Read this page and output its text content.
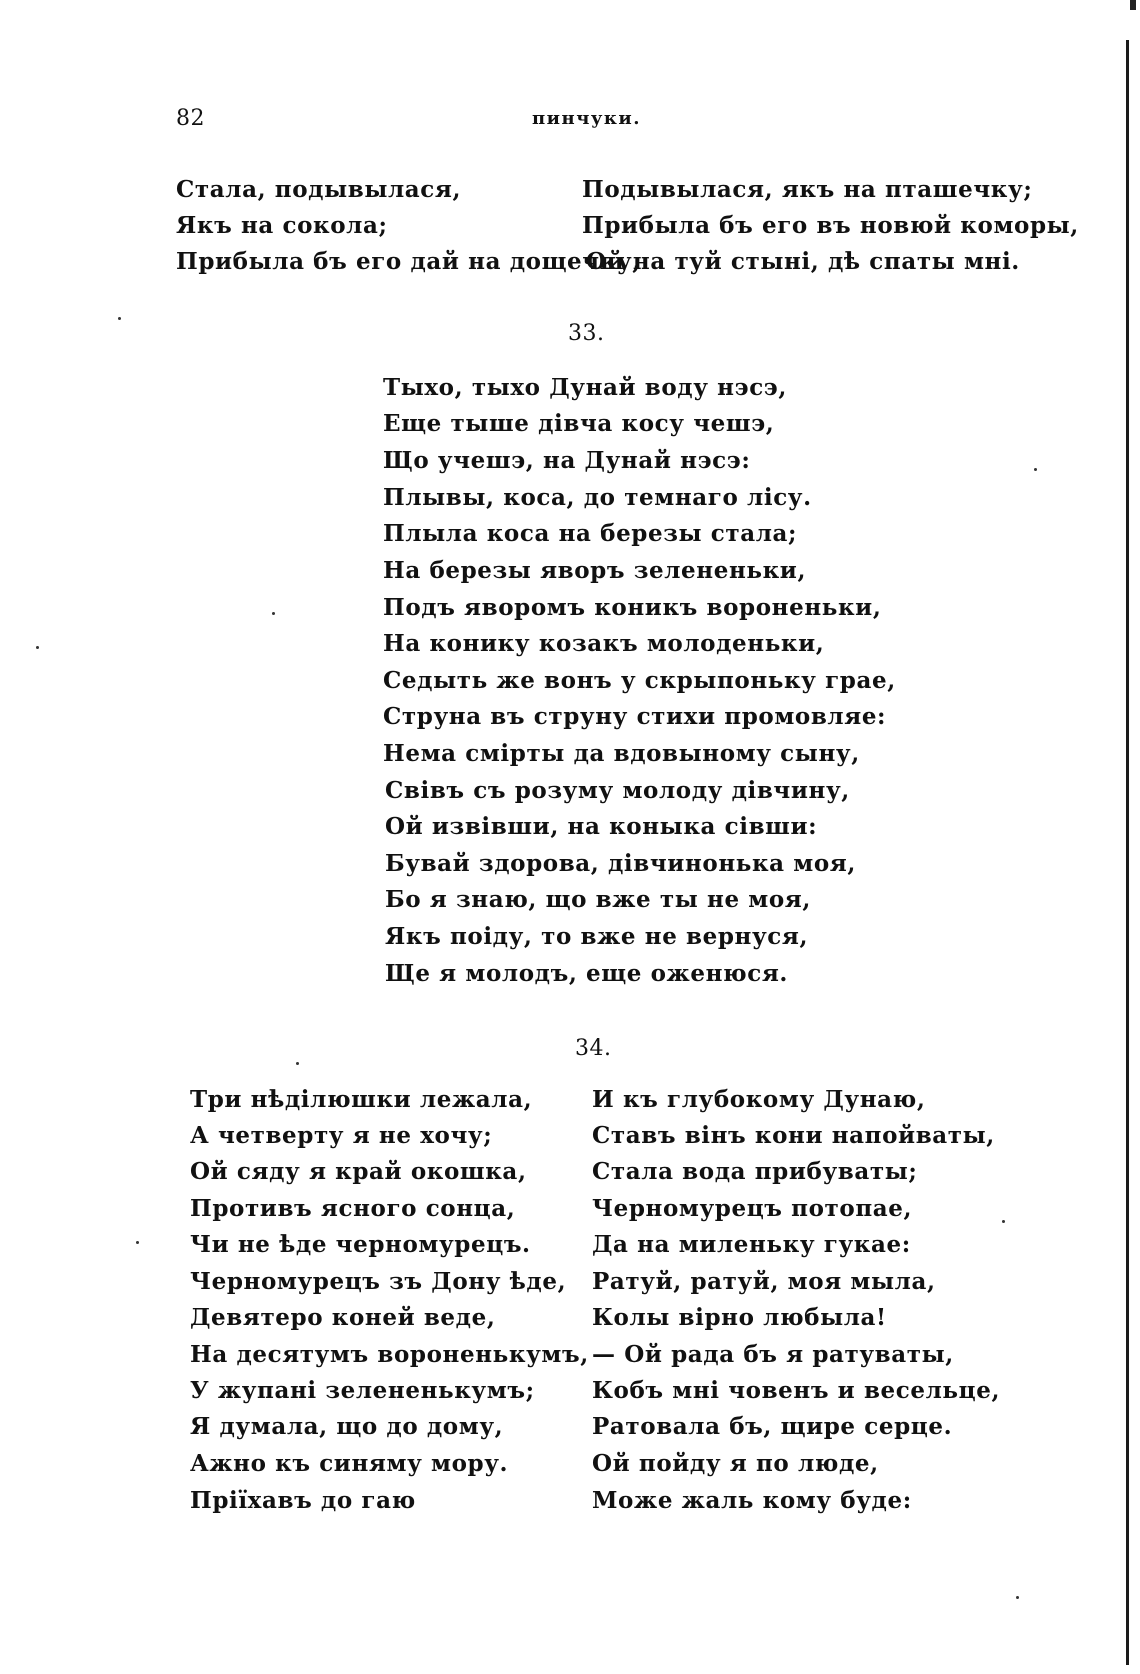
82	пинчуки.
Стала, подывылася,
Якъ на сокола;
Прибыла бъ его дай на дощечку,
Подывылася, якъ на пташечку;
Прибыла бъ его въ новюй коморы,
Ой на туй стыні, дѣ спаты мні.
33.
Тыхо, тыхо Дунай воду нэсэ,
Еще тыше дівча косу чешэ,
Що учешэ, на Дунай нэсэ:
Плывы, коса, до темнаго лісу.
Плыла коса на березы стала;
На березы яворъ зелененьки,
Подъ яворомъ коникъ вороненьки,
На конику козакъ молоденьки,
Седыть же вонъ у скрыпоньку грае,
Струна въ струну стихи промовляе:
Нема смірты да вдовыному сыну,
Свівъ съ розуму молоду дівчину,
Ой извівши, на коныка сівши:
Бувай здорова, дівчинонька моя,
Бо я знаю, що вже ты не моя,
Якъ поіду, то вже не вернуся,
Ще я молодъ, еще оженюся.
34.
Три нѣділюшки лежала,
А четверту я не хочу;
Ой сяду я край окошка,
Противъ ясного сонца,
Чи не ѣде черномурецъ.
Черномурецъ зъ Дону ѣде,
Девятеро коней веде,
На десятумъ вороненькумъ,
У жупані зелененькумъ;
Я думала, що до дому,
Ажно къ синяму мору.
Пріїхавъ до гаю
И къ глубокому Дунаю,
Ставъ вінъ кони напойваты,
Стала вода прибуваты;
Черномурецъ потопае,
Да на миленьку гукае:
Ратуй, ратуй, моя мыла,
Колы вірно любыла!
— Ой рада бъ я ратуваты,
Кобъ мні човенъ и весельце,
Ратовала бъ, щире серце.
Ой пойду я по люде,
Може жаль кому буде:
